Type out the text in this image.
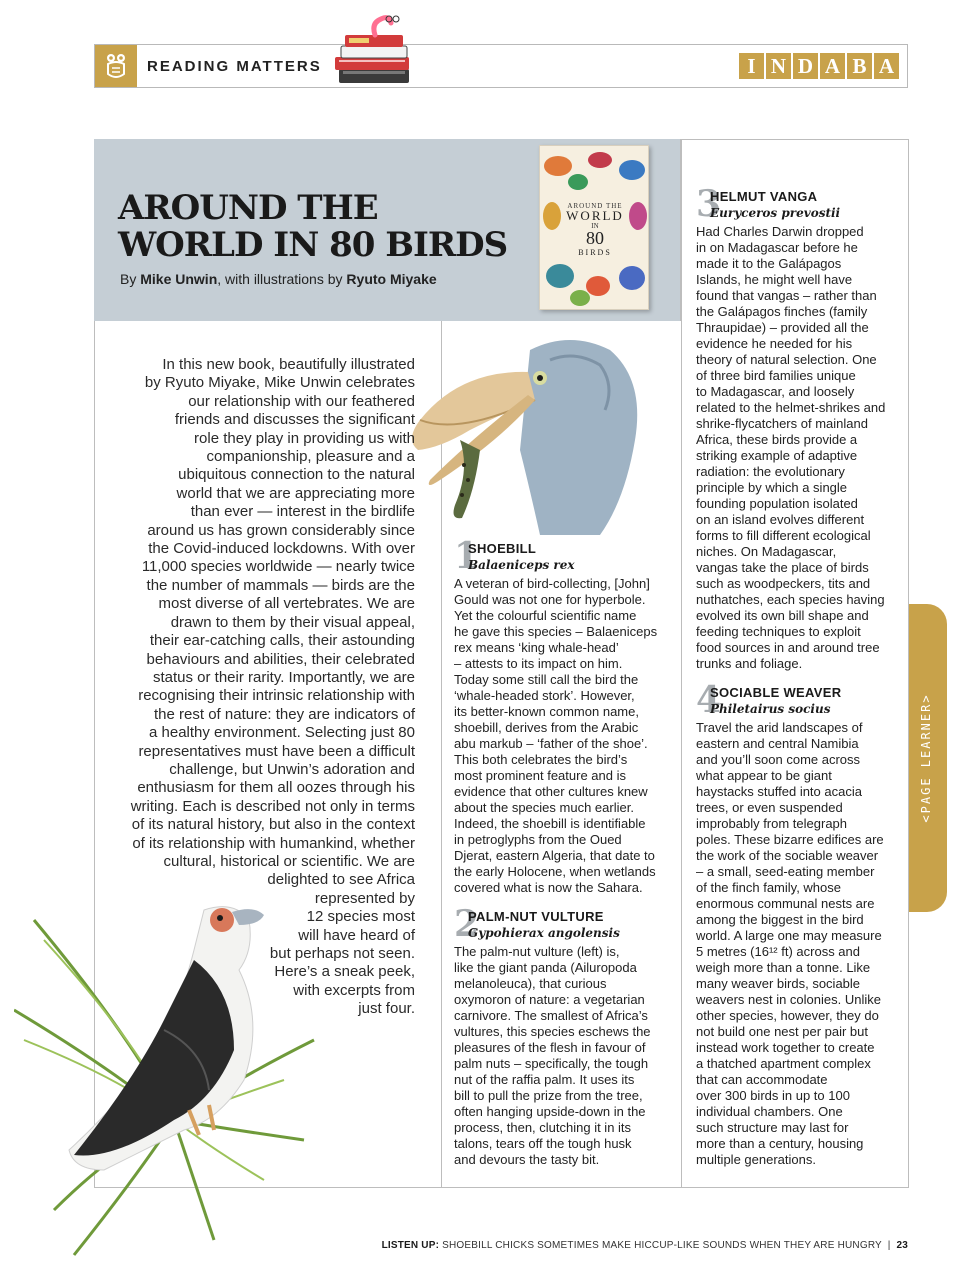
READING MATTERS	I N D A B A
AROUND THE
WORLD IN 80 BIRDS
By Mike Unwin, with illustrations by Ryuto Miyake
AROUND THE
WORLD
IN
80
BIRDS
In this new book, beautifully illustrated
by Ryuto Miyake, Mike Unwin celebrates
our relationship with our feathered
friends and discusses the significant
role they play in providing us with
companionship, pleasure and a
ubiquitous connection to the natural
world that we are appreciating more
than ever — interest in the birdlife
around us has grown considerably since
the Covid-induced lockdowns. With over
11,000 species worldwide — nearly twice
the number of mammals — birds are the
most diverse of all vertebrates. We are
drawn to them by their visual appeal,
their ear-catching calls, their astounding
behaviours and abilities, their celebrated
status or their rarity. Importantly, we are
recognising their intrinsic relationship with
the rest of nature: they are indicators of
a healthy environment. Selecting just 80
representatives must have been a difficult
challenge, but Unwin’s adoration and
enthusiasm for them all oozes through his
writing. Each is described not only in terms
of its natural history, but also in the context
of its relationship with humankind, whether
cultural, historical or scientific. We are
delighted to see Africa
represented by
12 species most
will have heard of
but perhaps not seen.
Here’s a sneak peek,
with excerpts from
just four.
1
SHOEBILL
Balaeniceps rex
A veteran of bird-collecting, [John]
Gould was not one for hyperbole.
Yet the colourful scientific name
he gave this species – Balaeniceps
rex means ‘king whale-head’
– attests to its impact on him.
Today some still call the bird the
‘whale-headed stork’. However,
its better-known common name,
shoebill, derives from the Arabic
abu markub – ‘father of the shoe’.
This both celebrates the bird’s
most prominent feature and is
evidence that other cultures knew
about the species much earlier.
Indeed, the shoebill is identifiable
in petroglyphs from the Oued
Djerat, eastern Algeria, that date to
the early Holocene, when wetlands
covered what is now the Sahara.
2
PALM-NUT VULTURE
Gypohierax angolensis
The palm-nut vulture (left) is,
like the giant panda (Ailuropoda
melanoleuca), that curious
oxymoron of nature: a vegetarian
carnivore. The smallest of Africa’s
vultures, this species eschews the
pleasures of the flesh in favour of
palm nuts – specifically, the tough
nut of the raffia palm. It uses its
bill to pull the prize from the tree,
often hanging upside-down in the
process, then, clutching it in its
talons, tears off the tough husk
and devours the tasty bit.
3
HELMUT VANGA
Euryceros prevostii
Had Charles Darwin dropped
in on Madagascar before he
made it to the Galápagos
Islands, he might well have
found that vangas – rather than
the Galápagos finches (family
Thraupidae) – provided all the
evidence he needed for his
theory of natural selection. One
of three bird families unique
to Madagascar, and loosely
related to the helmet-shrikes and
shrike-flycatchers of mainland
Africa, these birds provide a
striking example of adaptive
radiation: the evolutionary
principle by which a single
founding population isolated
on an island evolves different
forms to fill different ecological
niches. On Madagascar,
vangas take the place of birds
such as woodpeckers, tits and
nuthatches, each species having
evolved its own bill shape and
feeding techniques to exploit
food sources in and around tree
trunks and foliage.
4
SOCIABLE WEAVER
Philetairus socius
Travel the arid landscapes of
eastern and central Namibia
and you’ll soon come across
what appear to be giant
haystacks stuffed into acacia
trees, or even suspended
improbably from telegraph
poles. These bizarre edifices are
the work of the sociable weaver
– a small, seed-eating member
of the finch family, whose
enormous communal nests are
among the biggest in the bird
world. A large one may measure
5 metres (16¹² ft) across and
weigh more than a tonne. Like
many weaver birds, sociable
weavers nest in colonies. Unlike
other species, however, they do
not build one nest per pair but
instead work together to create
a thatched apartment complex
that can accommodate
over 300 birds in up to 100
individual chambers. One
such structure may last for
more than a century, housing
multiple generations.
<PAGE LEARNER>
LISTEN UP: SHOEBILL CHICKS SOMETIMES MAKE HICCUP-LIKE SOUNDS WHEN THEY ARE HUNGRY  |  23
